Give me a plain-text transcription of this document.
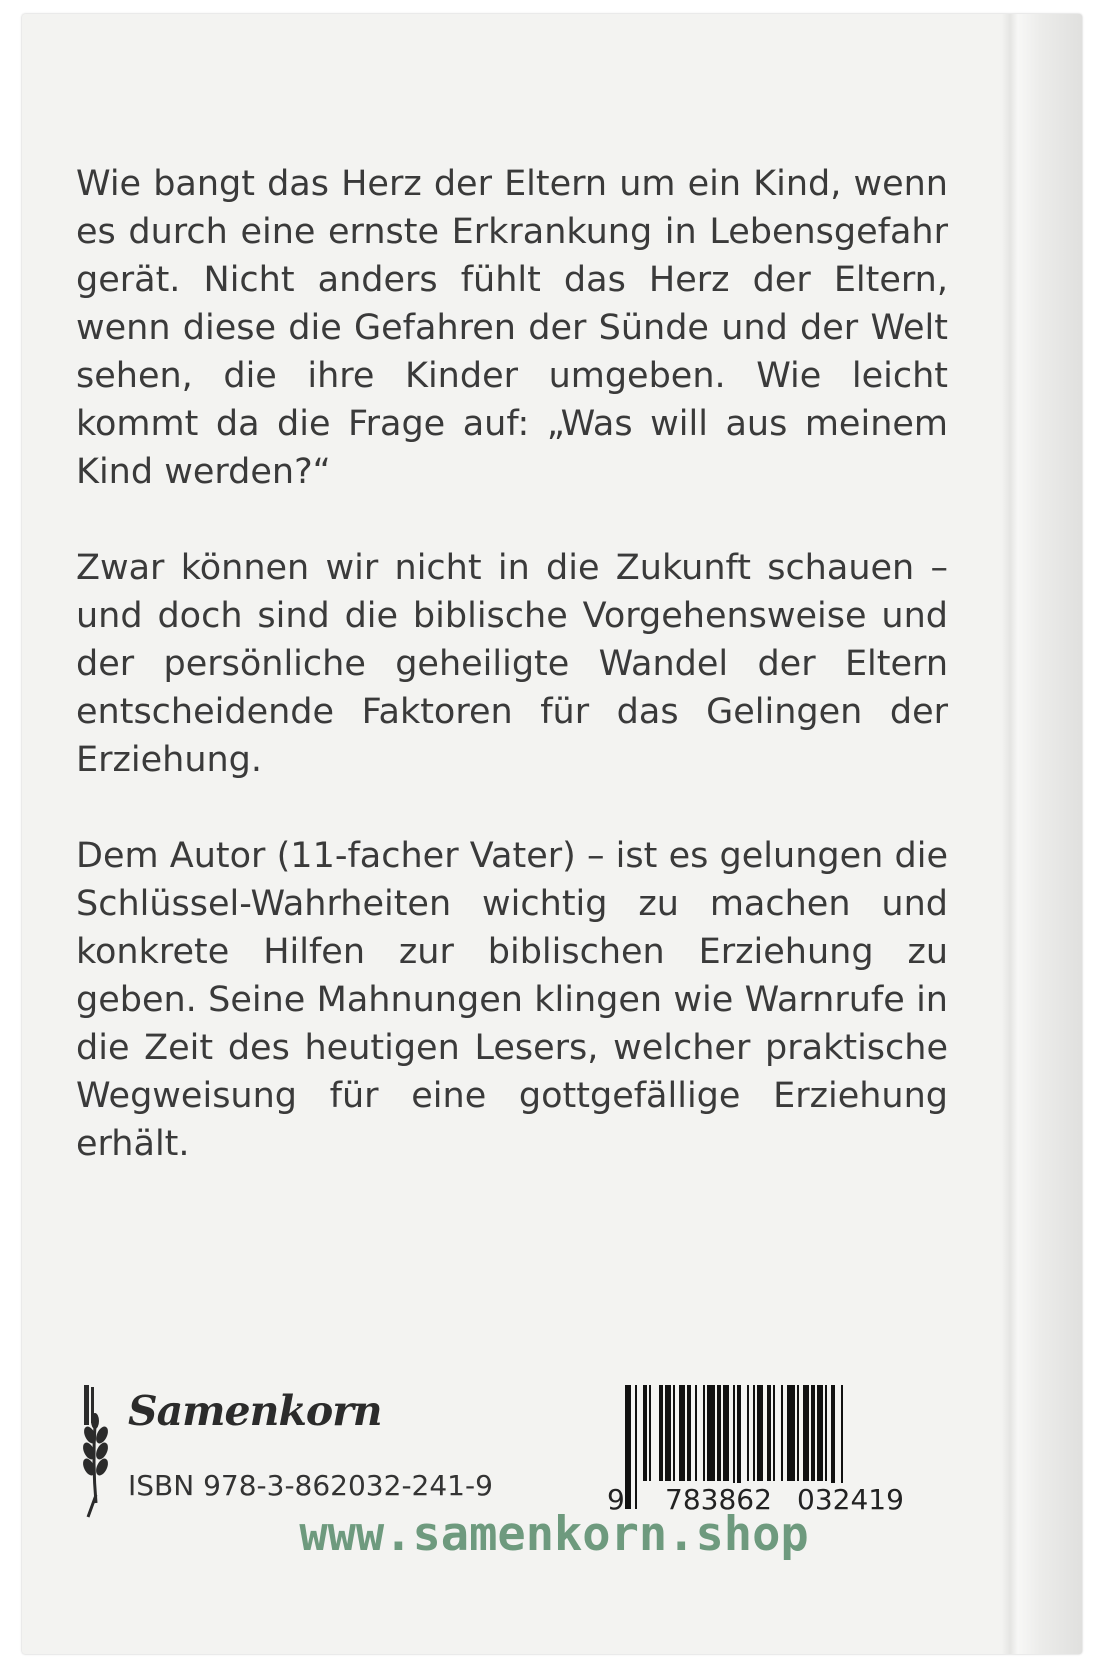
Wie bangt das Herz der Eltern um ein Kind, wenn es durch eine ernste Erkrankung in Lebensgefahr gerät. Nicht anders fühlt das Herz der Eltern, wenn diese die Gefahren der Sünde und der Welt sehen, die ihre Kinder umgeben. Wie leicht kommt da die Frage auf: „Was will aus meinem Kind werden?“

Zwar können wir nicht in die Zukunft schauen – und doch sind die biblische Vorgehensweise und der persönliche geheiligte Wandel der Eltern entscheidende Faktoren für das Gelingen der Erziehung.

Dem Autor (11-facher Vater) – ist es gelungen die Schlüssel-Wahrheiten wichtig zu machen und konkrete Hilfen zur biblischen Erziehung zu geben. Seine Mahnungen klingen wie Warnrufe in die Zeit des heutigen Lesers, welcher praktische Wegweisung für eine gottgefällige Erziehung erhält.

Samenkorn
ISBN 978-3-862032-241-9	9 783862 032419
www.samenkorn.shop
